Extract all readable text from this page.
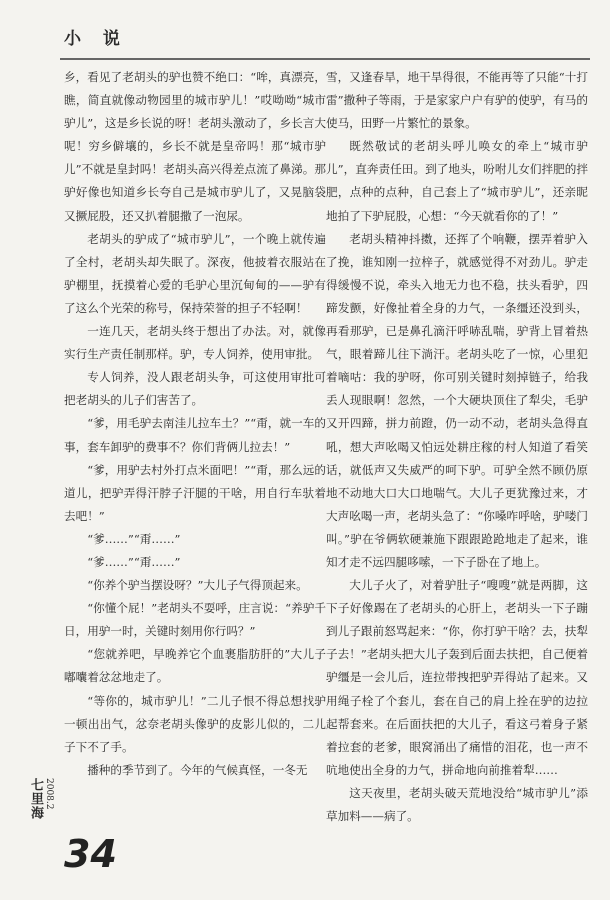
小 说

乡，看见了老胡头的驴也赞不绝口：“哞，真漂亮，瞧，简直就像动物园里的城市驴儿！”哎呦呦“城市驴儿”，这是乡长说的呀！老胡头激动了，乡长言大呢！穷乡僻壤的，乡长不就是皇帝吗！那“城市驴儿”不就是皇封吗！老胡头高兴得差点流了鼻涕。那驴好像也知道乡长夸自己是城市驴儿了，又晃脑袋又撅屁股，还又扒着腿撒了一泡尿。

老胡头的驴成了“城市驴儿”，一个晚上就传遍了全村，老胡头却失眠了。深夜，他披着衣服站在驴棚里，抚摸着心爱的毛驴心里沉甸甸的——驴有了这么个光荣的称号，保持荣誉的担子不轻啊！

一连几天，老胡头终于想出了办法。对，就像实行生产责任制那样。驴，专人饲养，使用审批。

专人饲养，没人跟老胡头争，可这使用审批可把老胡头的儿子们害苦了。

“爹，用毛驴去南洼儿拉车土？”“甭，就一车的事，套车卸驴的费事不？你们背俩儿拉去！”

“爹，用驴去村外打点米面吧！”“甭，那么远的道儿，把驴弄得汗脖子汗腿的干啥，用自行车驮着去吧！”

“爹……”“甭……”

“爹……”“甭……”

“你养个驴当摆设呀？”大儿子气得顶起来。

“你懂个屁！”老胡头不耍呼，庄言说：“养驴千日，用驴一时，关键时刻用你行吗？”

“您就养吧，早晚养它个血裹脂肪肝的”大儿子嘟囔着忿忿地走了。

“等你的，城市驴儿！”二儿子恨不得总想找驴一顿出出气，忿奈老胡头像驴的皮影儿似的，二儿子下不了手。

播种的季节到了。今年的气候真怪，一冬无

雪，又逢春旱，地干旱得很，不能再等了只能“十打雷”撒种子等雨，于是家家户户有驴的使驴，有马的使马，田野一片繁忙的景象。

既然敬试的老胡头呼儿唤女的牵上“城市驴儿”，直奔责任田。到了地头，吩咐儿女们拌肥的拌肥，点种的点种，自己套上了“城市驴儿”，还亲昵地拍了下驴屁股，心想：“今天就看你的了！”

老胡头精神抖擞，还挥了个响鞭，摆弄着驴入了挽，谁知刚一拉梓子，就感觉得不对劲儿。驴走得缓慢不说，牵头入地无力也不稳，扶头看驴，四蹄发颤，好像扯着全身的力气，一条缰还没到头，再看那驴，已是鼻孔滴汗呼哧乱喘，驴背上冒着热气，眼着蹄儿往下淌汗。老胡头吃了一惊，心里犯着嘀咕：我的驴呀，你可别关键时刻掉链子，给我丢人现眼啊！忽然，一个大硬块顶住了犁尖，毛驴又开四蹄，拼力前蹬，仍一动不动，老胡头急得直吼，想大声吆喝又怕远处耕庄稼的村人知道了看笑话，就低声又失威严的呵下驴。可驴全然不顾仍原地不动地大口大口地喘气。大儿子更犹豫过来，才大声吆喝一声，老胡头急了：“你嗓咋呼啥，驴喽门叫。”驴在爷俩软硬兼施下跟跟跄跄地走了起来，谁知才走不远四腿哆嗦，一下子卧在了地上。

大儿子火了，对着驴肚子“嗖嗖”就是两脚，这下子好像踢在了老胡头的心肝上，老胡头一下子蹦到儿子跟前怒骂起来：“你，你打驴干啥？去，扶犁子去！”老胡头把大儿子轰到后面去扶把，自己便着驴缰是一会儿后，连拉带拽把驴弄得站了起来。又用绳子栓了个套儿，套在自己的肩上拴在驴的边拉起帮套来。在后面扶把的大儿子，看这弓着身子紧着拉套的老爹，眼窝涌出了痛惜的泪花，也一声不吭地使出全身的力气，拼命地向前推着犁……

这天夜里，老胡头破天荒地没给“城市驴儿”添草加料——病了。

七里海 2008.2
34
